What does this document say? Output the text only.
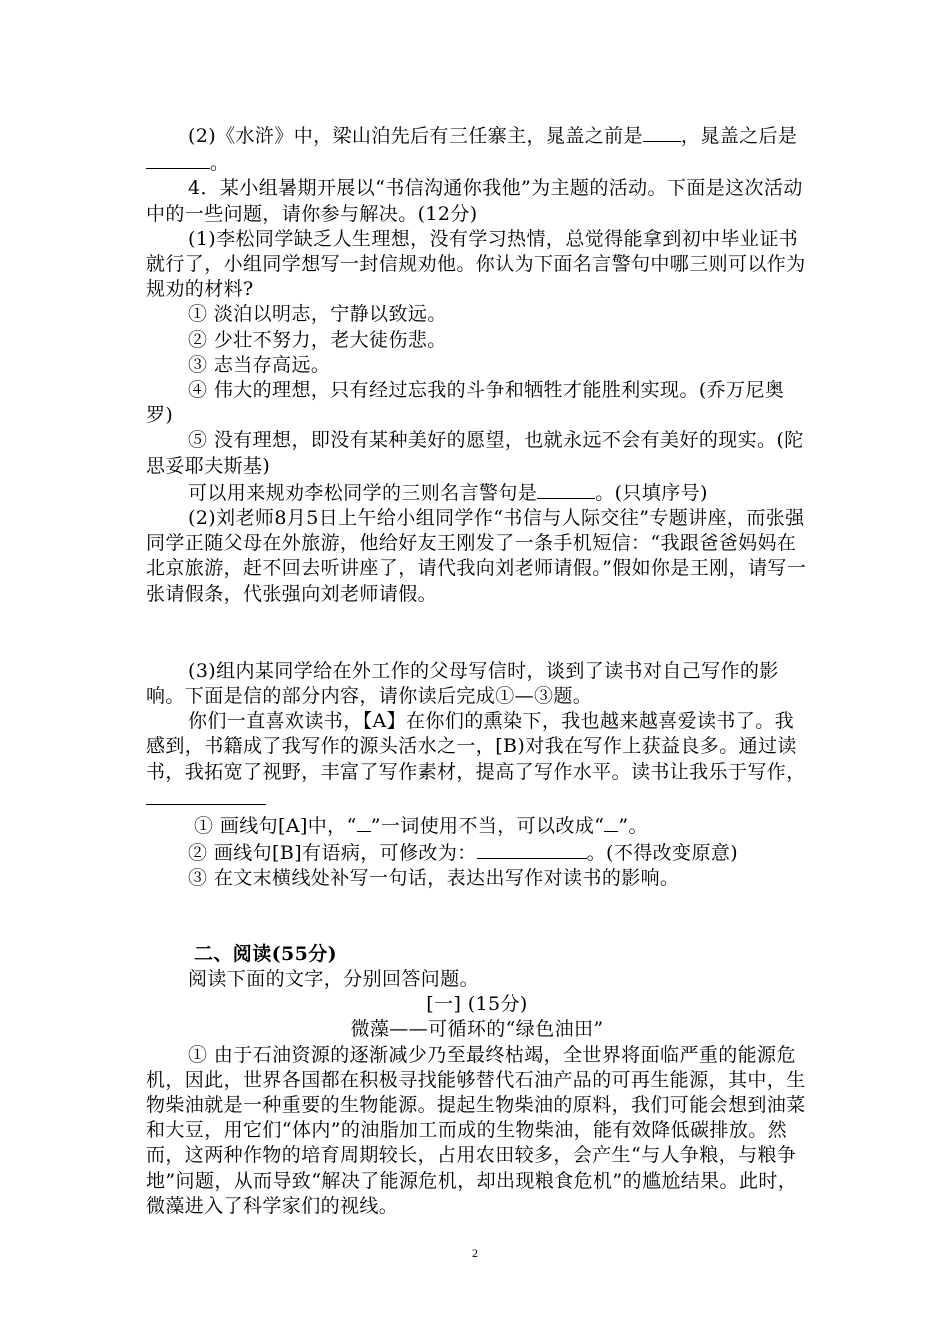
(2)《水浒》中，梁山泊先后有三任寨主，晁盖之前是 ，晁盖之后是。

4．某小组暑期开展以“书信沟通你我他”为主题的活动。下面是这次活动中的一些问题，请你参与解决。(12分)

(1)李松同学缺乏人生理想，没有学习热情，总觉得能拿到初中毕业证书就行了，小组同学想写一封信规劝他。你认为下面名言警句中哪三则可以作为规劝的材料?

① 淡泊以明志，宁静以致远。

② 少壮不努力，老大徒伤悲。

③ 志当存高远。

④ 伟大的理想，只有经过忘我的斗争和牺牲才能胜利实现。(乔万尼奥罗)

⑤ 没有理想，即没有某种美好的愿望，也就永远不会有美好的现实。(陀思妥耶夫斯基)

可以用来规劝李松同学的三则名言警句是	。(只填序号)

(2)刘老师8月5日上午给小组同学作“书信与人际交往”专题讲座，而张强同学正随父母在外旅游，他给好友王刚发了一条手机短信：“我跟爸爸妈妈在北京旅游，赶不回去听讲座了，请代我向刘老师请假。”假如你是王刚，请写一张请假条，代张强向刘老师请假。

(3)组内某同学给在外工作的父母写信时，谈到了读书对自己写作的影响。下面是信的部分内容，请你读后完成①—③题。

你们一直喜欢读书，【A】在你们的熏染下，我也越来越喜爱读书了。我感到，书籍成了我写作的源头活水之一，[B)对我在写作上获益良多。通过读书，我拓宽了视野，丰富了写作素材，提高了写作水平。读书让我乐于写作，

① 画线句[A]中，“ ”一词使用不当，可以改成“ ”。

② 画线句[B]有语病，可修改为：	。(不得改变原意)

③ 在文末横线处补写一句话，表达出写作对读书的影响。

二、阅读(55分)

阅读下面的文字，分别回答问题。

[一] (15分)

微藻——可循环的“绿色油田”

① 由于石油资源的逐渐减少乃至最终枯竭，全世界将面临严重的能源危机，因此，世界各国都在积极寻找能够替代石油产品的可再生能源，其中，生物柴油就是一种重要的生物能源。提起生物柴油的原料，我们可能会想到油菜和大豆，用它们“体内”的油脂加工而成的生物柴油，能有效降低碳排放。然而，这两种作物的培育周期较长，占用农田较多，会产生“与人争粮，与粮争地”问题，从而导致“解决了能源危机，却出现粮食危机”的尴尬结果。此时，微藻进入了科学家们的视线。

2
